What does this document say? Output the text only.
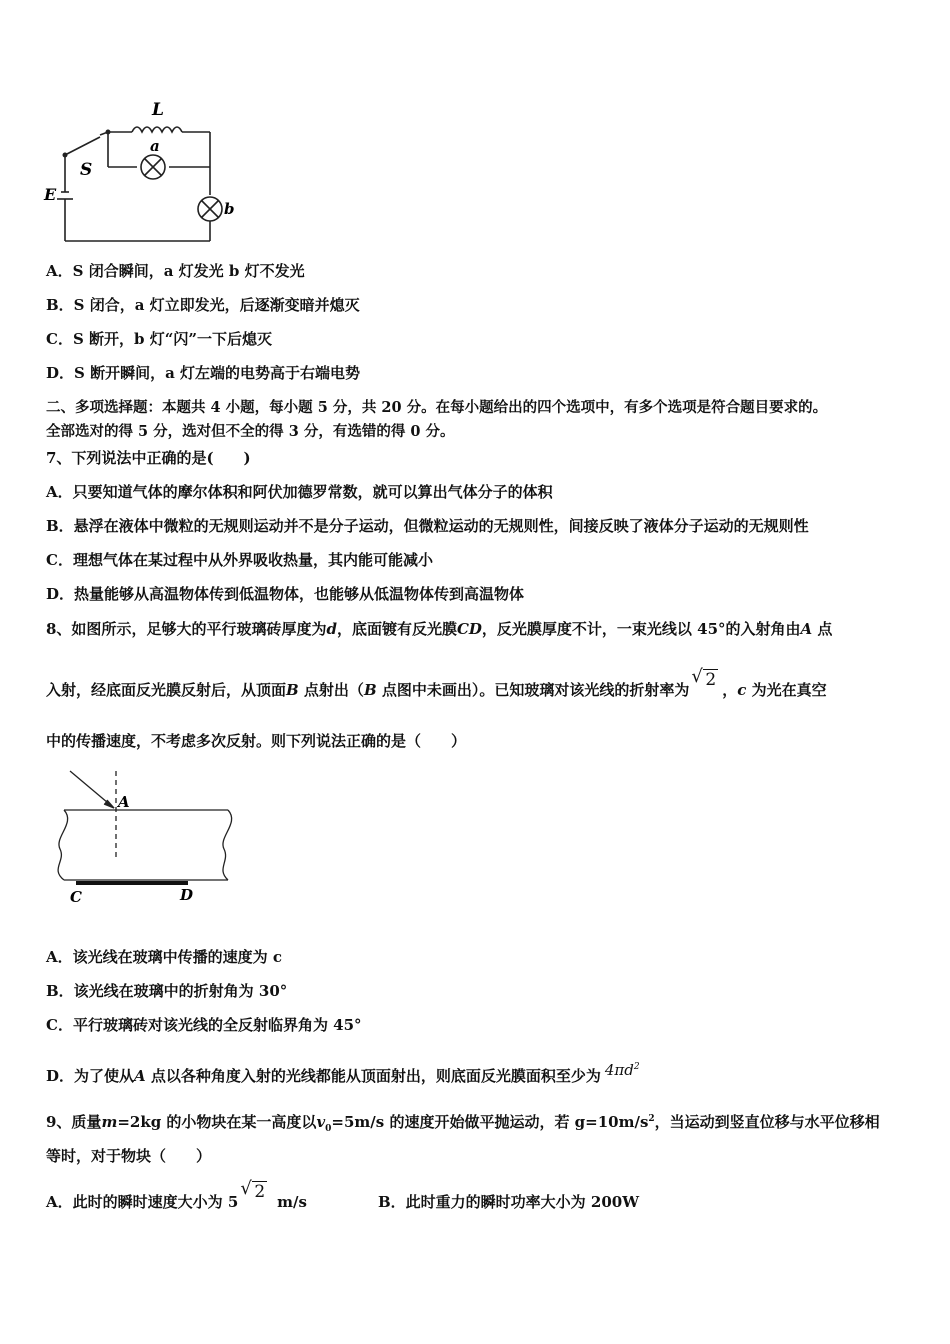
L
S
a
E
b
A．S 闭合瞬间，a 灯发光 b 灯不发光
B．S 闭合，a 灯立即发光，后逐渐变暗并熄灭
C．S 断开，b 灯“闪”一下后熄灭
D．S 断开瞬间，a 灯左端的电势高于右端电势
二、多项选择题：本题共 4 小题，每小题 5 分，共 20 分。在每小题给出的四个选项中，有多个选项是符合题目要求的。
全部选对的得 5 分，选对但不全的得 3 分，有选错的得 0 分。
7、下列说法中正确的是(　　)
A．只要知道气体的摩尔体积和阿伏加德罗常数，就可以算出气体分子的体积
B．悬浮在液体中微粒的无规则运动并不是分子运动，但微粒运动的无规则性，间接反映了液体分子运动的无规则性
C．理想气体在某过程中从外界吸收热量，其内能可能减小
D．热量能够从高温物体传到低温物体，也能够从低温物体传到高温物体
8、如图所示，足够大的平行玻璃砖厚度为d，底面镀有反光膜CD，反光膜厚度不计，一束光线以 45°的入射角由A 点
入射，经底面反光膜反射后，从顶面B 点射出（B 点图中未画出）。已知玻璃对该光线的折射率为 √ 2 ，c 为光在真空
中的传播速度，不考虑多次反射。则下列说法正确的是（　　）
A
C	D
A．该光线在玻璃中传播的速度为 c
B．该光线在玻璃中的折射角为 30°
C．平行玻璃砖对该光线的全反射临界角为 45°
D．为了使从A 点以各种角度入射的光线都能从顶面射出，则底面反光膜面积至少为 $4\pi d^2$
9、质量m=2kg 的小物块在某一高度以$v_0=5m/s$ 的速度开始做平抛运动，若 $g=10m/s^2$，当运动到竖直位移与水平位移相
等时，对于物块（　　）
A．此时的瞬时速度大小为 5 √ 2 m/s	B．此时重力的瞬时功率大小为 200W
